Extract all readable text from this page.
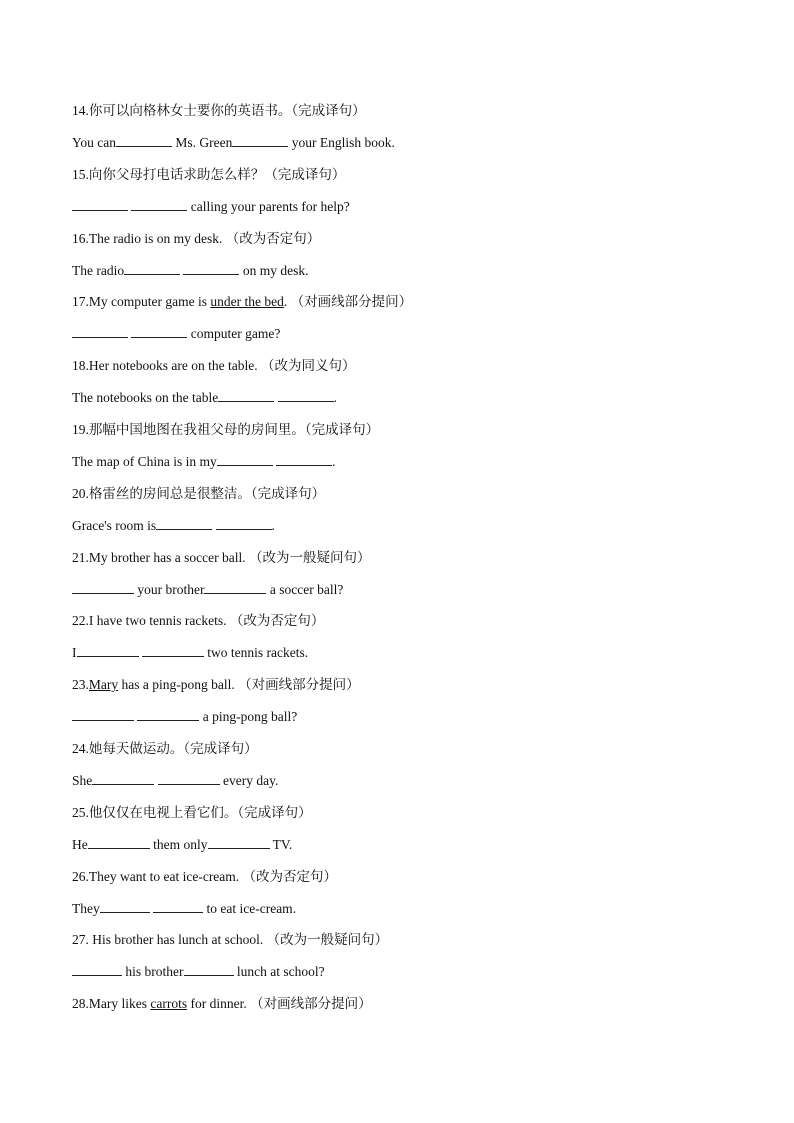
14.你可以向格林女士要你的英语书。（完成译句）
You can	Ms. Green	your English book.
15.向你父母打电话求助怎么样？（完成译句）
calling your parents for help?
16.The radio is on my desk. （改为否定句）
The radio	on my desk.
17.My computer game is under the bed. （对画线部分提问）
computer game?
18.Her notebooks are on the table. （改为同义句）
The notebooks on the table	.
19.那幅中国地图在我祖父母的房间里。（完成译句）
The map of China is in my	.
20.格雷丝的房间总是很整洁。（完成译句）
Grace's room is	.
21.My brother has a soccer ball. （改为一般疑问句）
your brother	a soccer ball?
22.I have two tennis rackets. （改为否定句）
I	two tennis rackets.
23.Mary has a ping-pong ball. （对画线部分提问）
a ping-pong ball?
24.她每天做运动。（完成译句）
She	every day.
25.他仅仅在电视上看它们。（完成译句）
He	them only	TV.
26.They want to eat ice-cream. （改为否定句）
They	to eat ice-cream.
27. His brother has lunch at school. （改为一般疑问句）
his brother	lunch at school?
28.Mary likes carrots for dinner. （对画线部分提问）
